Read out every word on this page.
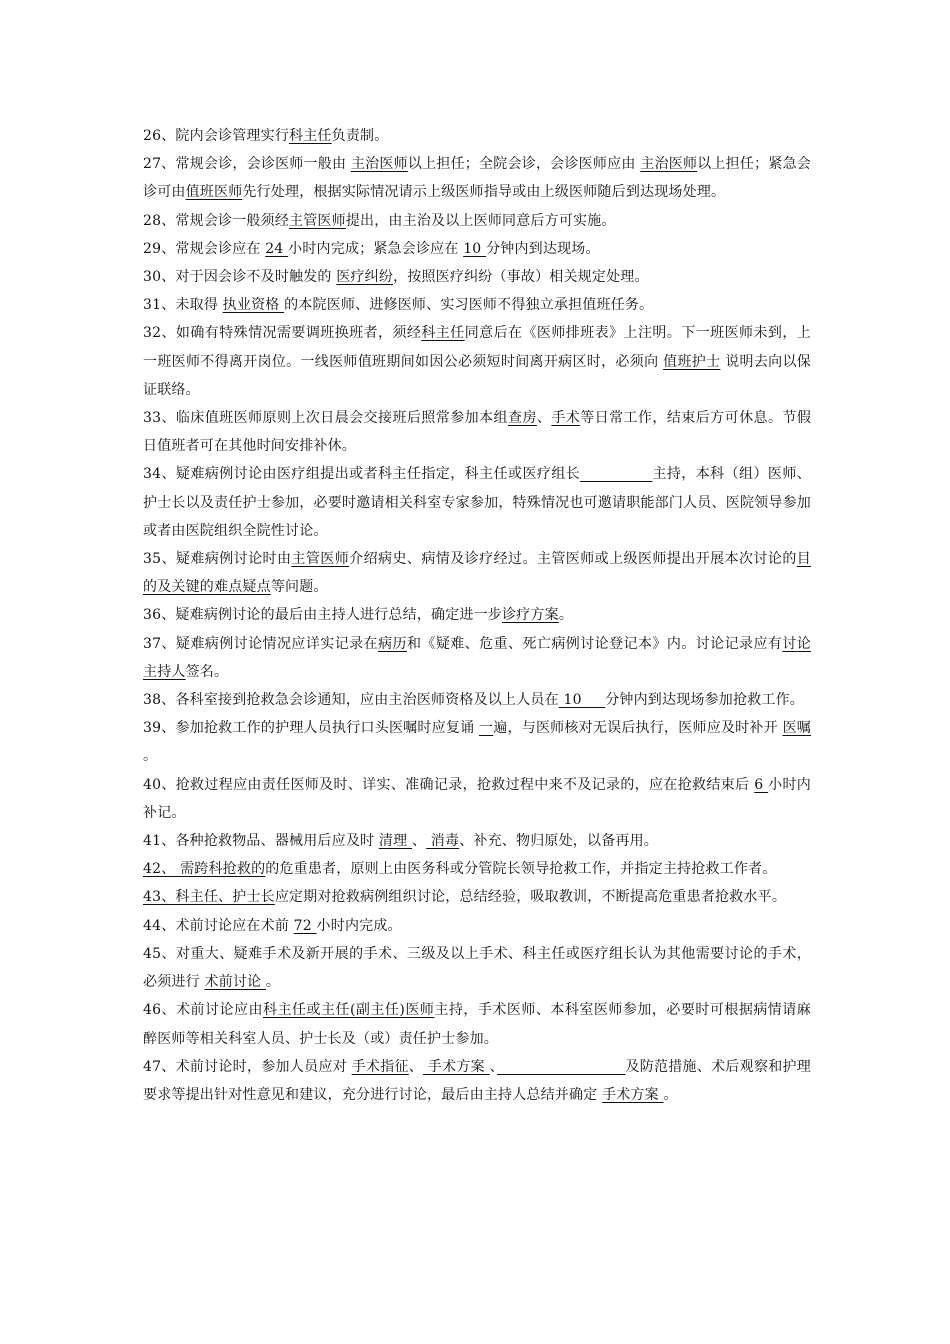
26、院内会诊管理实行科主任负责制。

27、常规会诊，会诊医师一般由 主治医师以上担任；全院会诊，会诊医师应由 主治医师以上担任；紧急会诊可由值班医师先行处理，根据实际情况请示上级医师指导或由上级医师随后到达现场处理。

28、常规会诊一般须经主管医师提出，由主治及以上医师同意后方可实施。

29、常规会诊应在 24 小时内完成；紧急会诊应在 10 分钟内到达现场。

30、对于因会诊不及时触发的 医疗纠纷，按照医疗纠纷（事故）相关规定处理。

31、未取得 执业资格 的本院医师、进修医师、实习医师不得独立承担值班任务。

32、如确有特殊情况需要调班换班者，须经科主任同意后在《医师排班表》上注明。下一班医师未到，上一班医师不得离开岗位。一线医师值班期间如因公必须短时间离开病区时，必须向 值班护士 说明去向以保证联络。

33、临床值班医师原则上次日晨会交接班后照常参加本组查房、手术等日常工作，结束后方可休息。节假日值班者可在其他时间安排补休。

34、疑难病例讨论由医疗组提出或者科主任指定，科主任或医疗组长　　　　　	主持，本科（组）医师、护士长以及责任护士参加，必要时邀请相关科室专家参加，特殊情况也可邀请职能部门人员、医院领导参加或者由医院组织全院性讨论。

35、疑难病例讨论时由主管医师介绍病史、病情及诊疗经过。主管医师或上级医师提出开展本次讨论的目的及关键的难点疑点等问题。

36、疑难病例讨论的最后由主持人进行总结，确定进一步诊疗方案。

37、疑难病例讨论情况应详实记录在病历和《疑难、危重、死亡病例讨论登记本》内。讨论记录应有讨论主持人签名。

38、各科室接到抢救急会诊通知，应由主治医师资格及以上人员在 10 　 分钟内到达现场参加抢救工作。

39、参加抢救工作的护理人员执行口头医嘱时应复诵 一遍，与医师核对无误后执行，医师应及时补开 医嘱 。

40、抢救过程应由责任医师及时、详实、准确记录，抢救过程中来不及记录的，应在抢救结束后 6 小时内补记。

41、各种抢救物品、器械用后应及时 清理 、 消毒、补充、物归原处，以备再用。

42、 需跨科抢救的的危重患者，原则上由医务科或分管院长领导抢救工作，并指定主持抢救工作者。

43、科主任、护士长应定期对抢救病例组织讨论，总结经验，吸取教训，不断提高危重患者抢救水平。

44、术前讨论应在术前 72 小时内完成。

45、对重大、疑难手术及新开展的手术、三级及以上手术、科主任或医疗组长认为其他需要讨论的手术，必须进行 术前讨论 。

46、术前讨论应由科主任或主任(副主任)医师主持，手术医师、本科室医师参加，必要时可根据病情请麻醉医师等相关科室人员、护士长及（或）责任护士参加。

47、术前讨论时，参加人员应对 手术指征、 手术方案 、　　　　　　　　　	及防范措施、术后观察和护理要求等提出针对性意见和建议，充分进行讨论，最后由主持人总结并确定 手术方案 。
